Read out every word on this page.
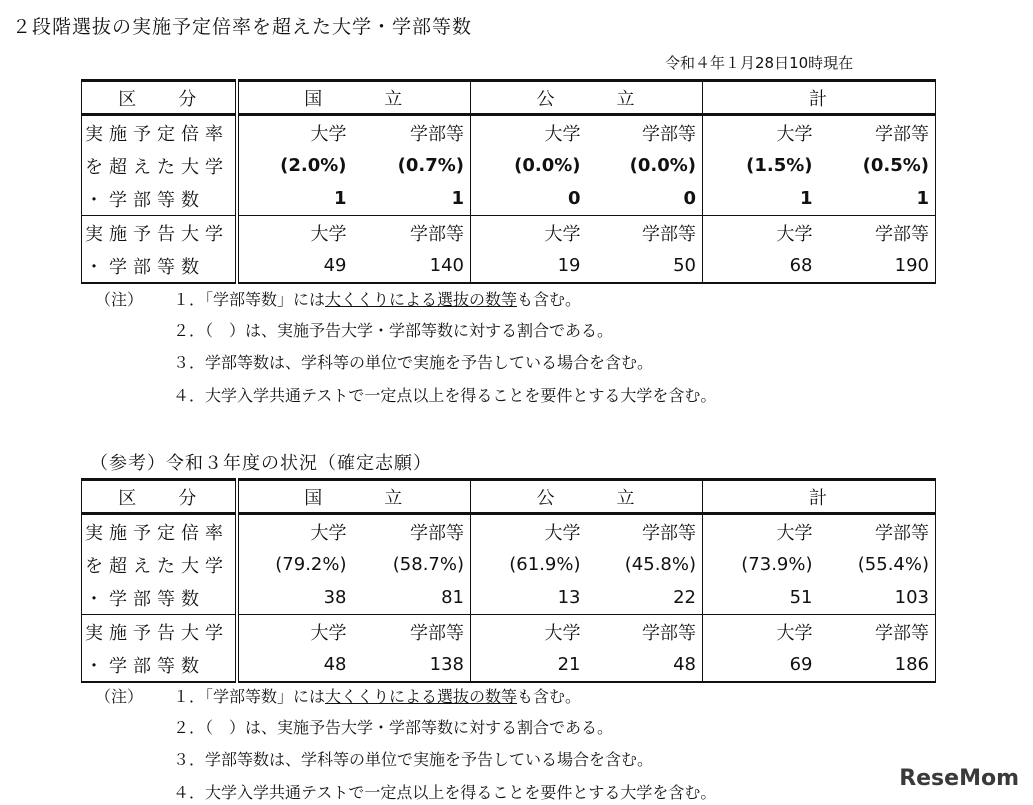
２段階選抜の実施予定倍率を超えた大学・学部等数
令和４年１月28日10時現在
区　　分	国　　　立		公　　　立		計	
実施予定倍率	大学	学部等	大学	学部等	大学	学部等
を超えた大学	(2.0%)	(0.7%)	(0.0%)	(0.0%)	(1.5%)	(0.5%)
・学部等数	1	1	0	0	1	1
実施予告大学	大学	学部等	大学	学部等	大学	学部等
・学部等数	49	140	19	50	68	190
（注） １．「学部等数」には大くくりによる選抜の数等も含む。
２．（　）は、実施予告大学・学部等数に対する割合である。
３．学部等数は、学科等の単位で実施を予告している場合を含む。
４．大学入学共通テストで一定点以上を得ることを要件とする大学を含む。
（参考）令和３年度の状況（確定志願）
区　　分	国　　　立		公　　　立		計	
実施予定倍率	大学	学部等	大学	学部等	大学	学部等
を超えた大学	(79.2%)	(58.7%)	(61.9%)	(45.8%)	(73.9%)	(55.4%)
・学部等数	38	81	13	22	51	103
実施予告大学	大学	学部等	大学	学部等	大学	学部等
・学部等数	48	138	21	48	69	186
（注） １．「学部等数」には大くくりによる選抜の数等も含む。
２．（　）は、実施予告大学・学部等数に対する割合である。
３．学部等数は、学科等の単位で実施を予告している場合を含む。
４．大学入学共通テストで一定点以上を得ることを要件とする大学を含む。
ReseMom
